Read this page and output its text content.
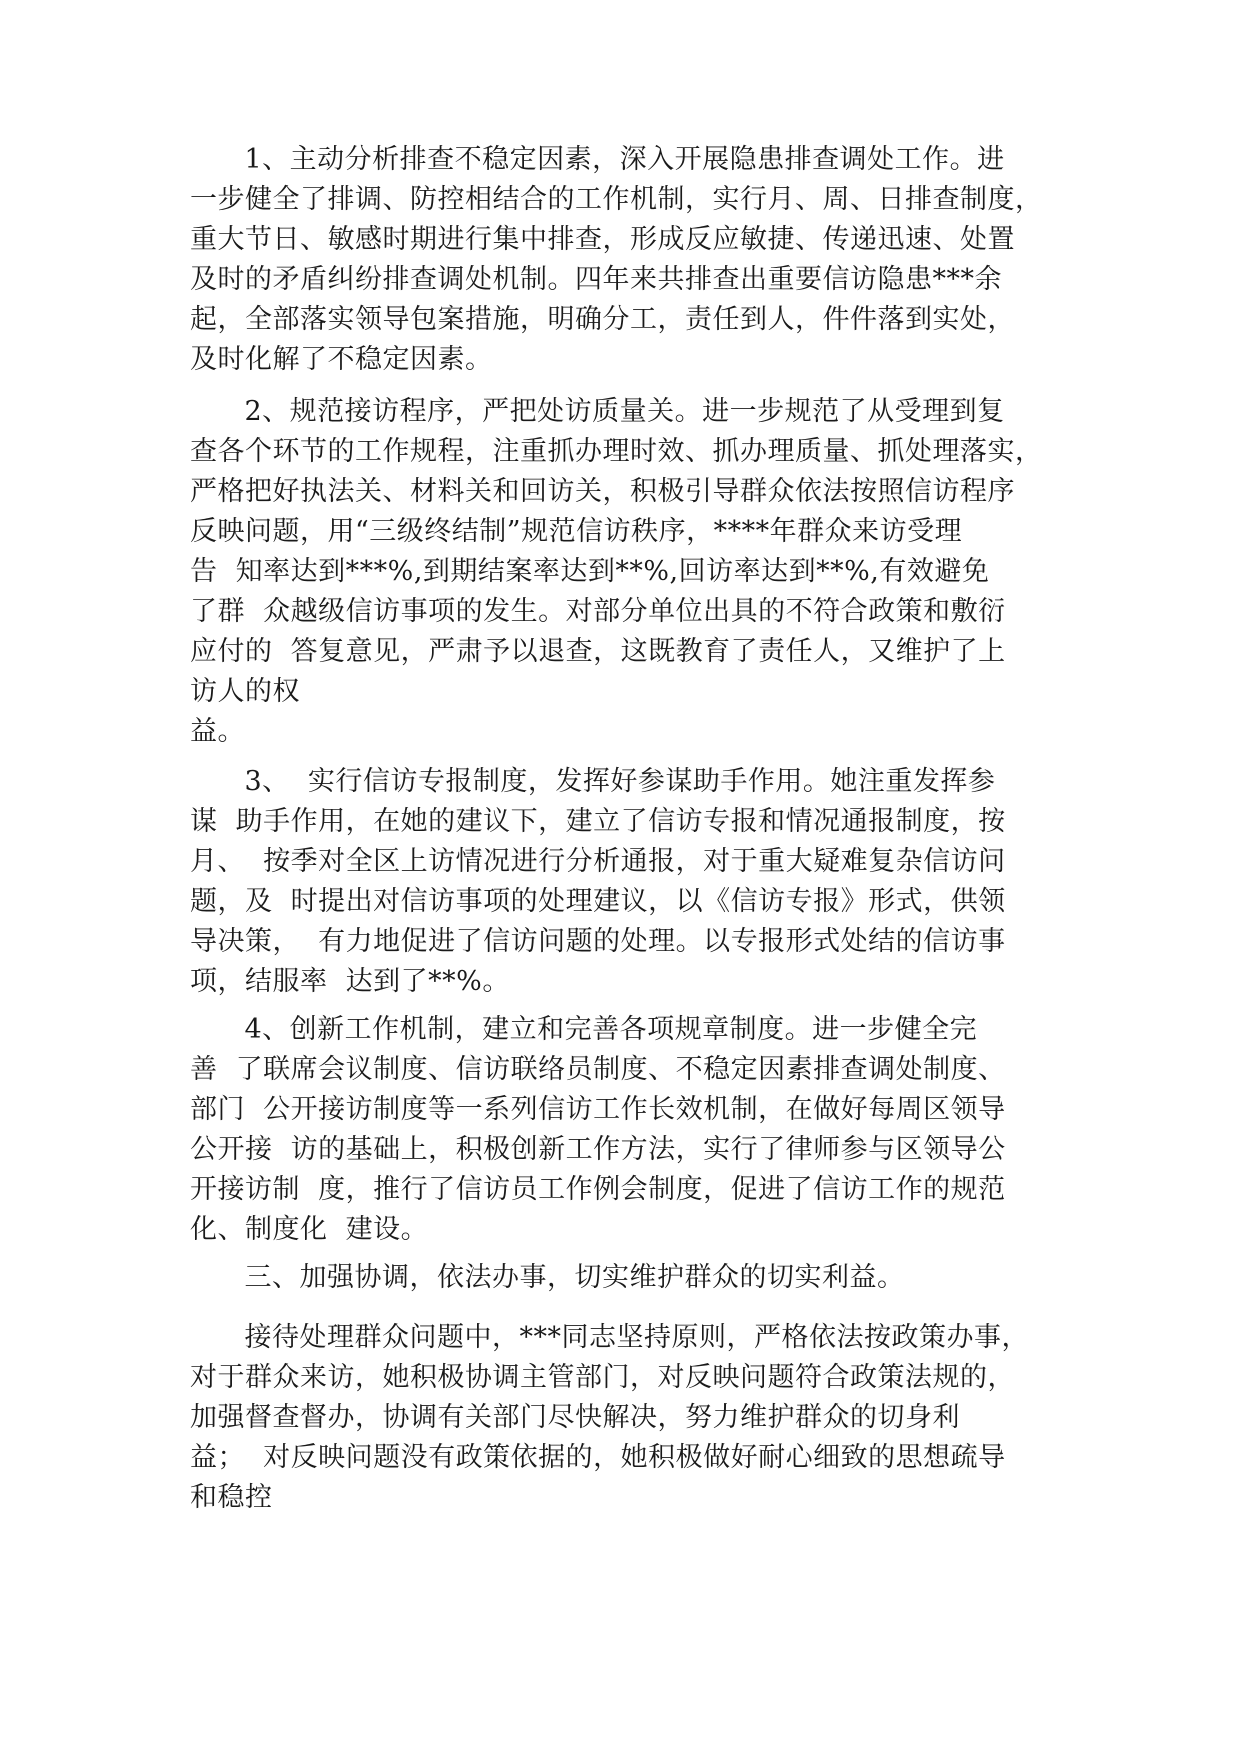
1、主动分析排查不稳定因素，深入开展隐患排查调处工作。进
一步健全了排调、防控相结合的工作机制，实行月、周、日排查制度，
重大节日、敏感时期进行集中排查，形成反应敏捷、传递迅速、处置
及时的矛盾纠纷排查调处机制。四年来共排查出重要信访隐患***余
起，全部落实领导包案措施，明确分工，责任到人，件件落到实处，
及时化解了不稳定因素。
2、规范接访程序，严把处访质量关。进一步规范了从受理到复
查各个环节的工作规程，注重抓办理时效、抓办理质量、抓处理落实，
严格把好执法关、材料关和回访关，积极引导群众依法按照信访程序
反映问题，用“三级终结制”规范信访秩序，****年群众来访受理
告  知率达到***%,到期结案率达到**%,回访率达到**%,有效避免
了群  众越级信访事项的发生。对部分单位出具的不符合政策和敷衍
应付的  答复意见，严肃予以退查，这既教育了责任人，又维护了上
访人的权
益。
3、  实行信访专报制度，发挥好参谋助手作用。她注重发挥参
谋  助手作用，在她的建议下，建立了信访专报和情况通报制度，按
月、  按季对全区上访情况进行分析通报，对于重大疑难复杂信访问
题，及  时提出对信访事项的处理建议，以《信访专报》形式，供领
导决策，  有力地促进了信访问题的处理。以专报形式处结的信访事
项，结服率  达到了**%。
4、创新工作机制，建立和完善各项规章制度。进一步健全完
善  了联席会议制度、信访联络员制度、不稳定因素排查调处制度、
部门  公开接访制度等一系列信访工作长效机制，在做好每周区领导
公开接  访的基础上，积极创新工作方法，实行了律师参与区领导公
开接访制  度，推行了信访员工作例会制度，促进了信访工作的规范
化、制度化  建设。
三、加强协调，依法办事，切实维护群众的切实利益。
接待处理群众问题中，***同志坚持原则，严格依法按政策办事，
对于群众来访，她积极协调主管部门，对反映问题符合政策法规的，
加强督查督办，协调有关部门尽快解决，努力维护群众的切身利
益；  对反映问题没有政策依据的，她积极做好耐心细致的思想疏导
和稳控
